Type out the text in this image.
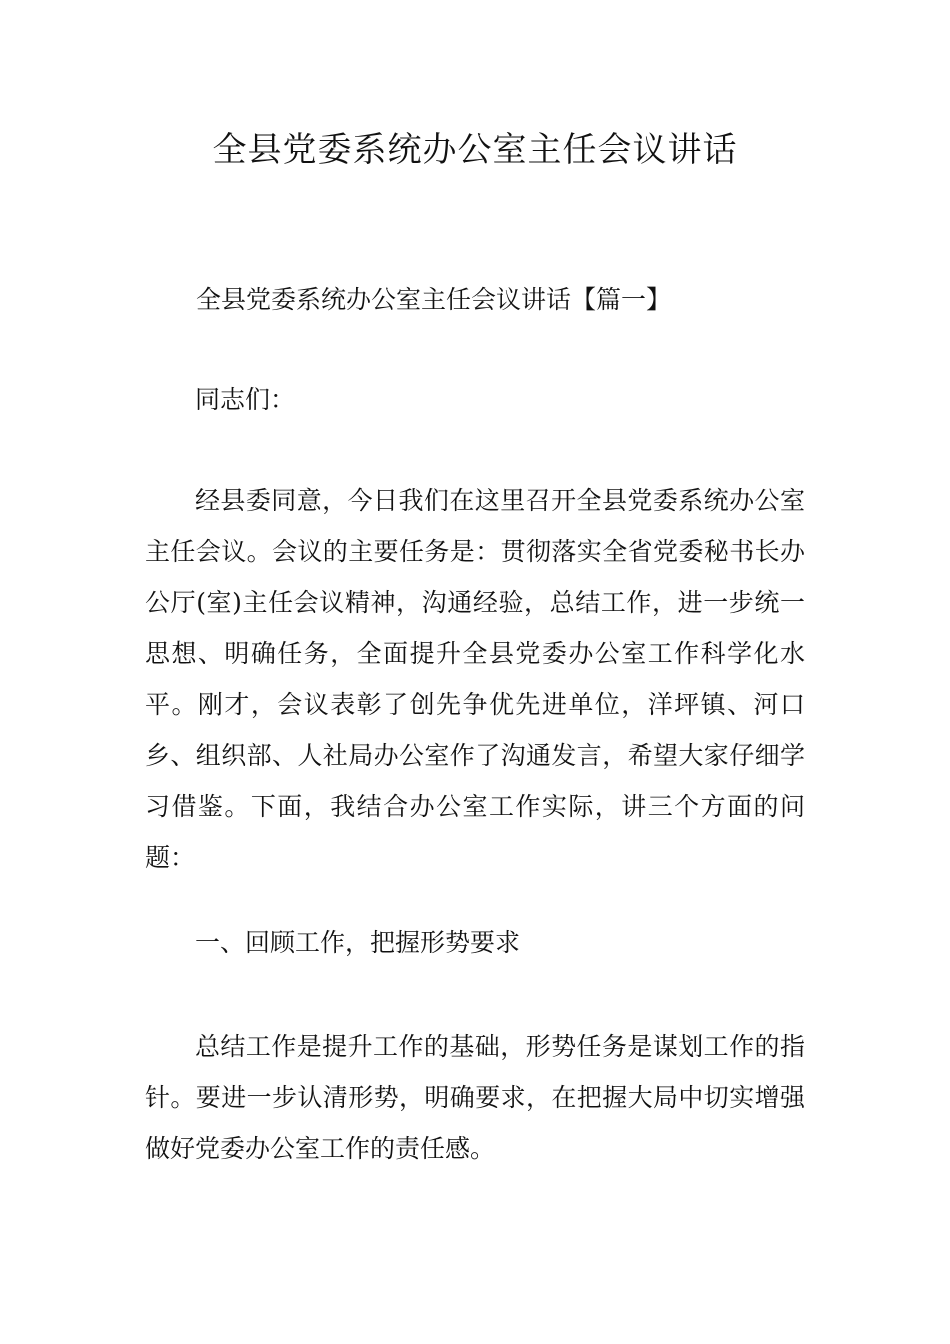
全县党委系统办公室主任会议讲话

全县党委系统办公室主任会议讲话【篇一】

同志们：

经县委同意，今日我们在这里召开全县党委系统办公室主任会议。会议的主要任务是：贯彻落实全省党委秘书长办公厅(室)主任会议精神，沟通经验，总结工作，进一步统一思想、明确任务，全面提升全县党委办公室工作科学化水平。刚才，会议表彰了创先争优先进单位，洋坪镇、河口乡、组织部、人社局办公室作了沟通发言，希望大家仔细学习借鉴。下面，我结合办公室工作实际，讲三个方面的问题：

一、回顾工作，把握形势要求

总结工作是提升工作的基础，形势任务是谋划工作的指针。要进一步认清形势，明确要求，在把握大局中切实增强做好党委办公室工作的责任感。
